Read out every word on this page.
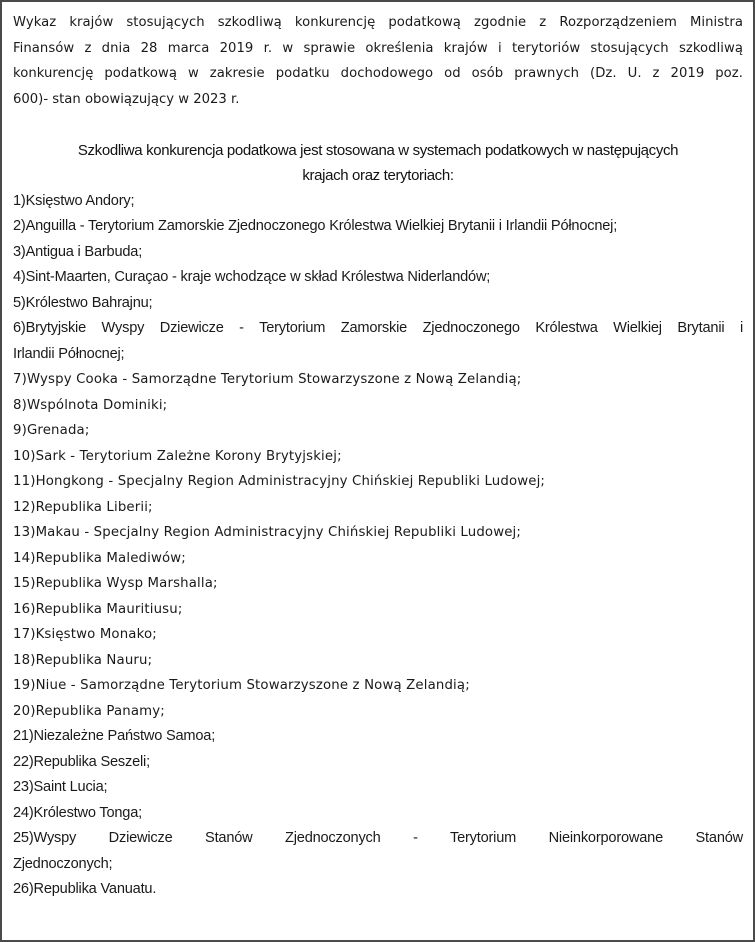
Wykaz krajów stosujących szkodliwą konkurencję podatkową zgodnie z Rozporządzeniem Ministra

Finansów z dnia 28 marca 2019 r. w sprawie określenia krajów i terytoriów stosujących szkodliwą

konkurencję podatkową w zakresie podatku dochodowego od osób prawnych (Dz. U. z 2019 poz.

600)- stan obowiązujący w 2023 r.

Szkodliwa konkurencja podatkowa jest stosowana w systemach podatkowych w następujących

krajach oraz terytoriach:

1)Księstwo Andory;
2)Anguilla - Terytorium Zamorskie Zjednoczonego Królestwa Wielkiej Brytanii i Irlandii Północnej;
3)Antigua i Barbuda;
4)Sint-Maarten, Curaçao - kraje wchodzące w skład Królestwa Niderlandów;
5)Królestwo Bahrajnu;
6)Brytyjskie Wyspy Dziewicze - Terytorium Zamorskie Zjednoczonego Królestwa Wielkiej Brytanii i
Irlandii Północnej;
7)Wyspy Cooka - Samorządne Terytorium Stowarzyszone z Nową Zelandią;
8)Wspólnota Dominiki;
9)Grenada;
10)Sark - Terytorium Zależne Korony Brytyjskiej;
11)Hongkong - Specjalny Region Administracyjny Chińskiej Republiki Ludowej;
12)Republika Liberii;
13)Makau - Specjalny Region Administracyjny Chińskiej Republiki Ludowej;
14)Republika Malediwów;
15)Republika Wysp Marshalla;
16)Republika Mauritiusu;
17)Księstwo Monako;
18)Republika Nauru;
19)Niue - Samorządne Terytorium Stowarzyszone z Nową Zelandią;
20)Republika Panamy;
21)Niezależne Państwo Samoa;
22)Republika Seszeli;
23)Saint Lucia;
24)Królestwo Tonga;
25)Wyspy Dziewicze Stanów Zjednoczonych - Terytorium Nieinkorporowane Stanów
Zjednoczonych;
26)Republika Vanuatu.
